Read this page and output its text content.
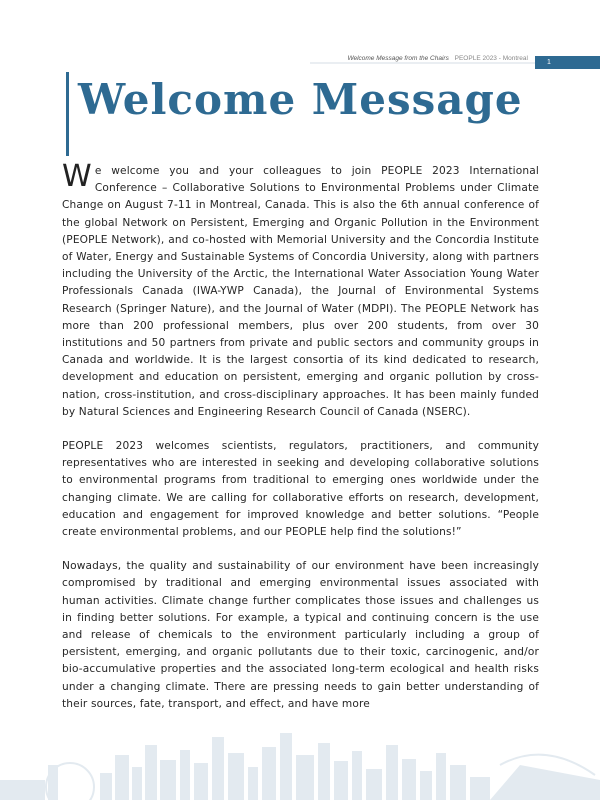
Welcome Message from the Chairs PEOPLE 2023 - Montreal
1
Welcome Message

We welcome you and your colleagues to join PEOPLE 2023 International Conference – Collaborative Solutions to Environmental Problems under Climate Change on August 7-11 in Montreal, Canada. This is also the 6th annual conference of the global Network on Persistent, Emerging and Organic Pollution in the Environment (PEOPLE Network), and co-hosted with Memorial University and the Concordia Institute of Water, Energy and Sustainable Systems of Concordia University, along with partners including the University of the Arctic, the International Water Association Young Water Professionals Canada (IWA-YWP Canada), the Journal of Environmental Systems Research (Springer Nature), and the Journal of Water (MDPI). The PEOPLE Network has more than 200 professional members, plus over 200 students, from over 30 institutions and 50 partners from private and public sectors and community groups in Canada and worldwide. It is the largest consortia of its kind dedicated to research, development and education on persistent, emerging and organic pollution by cross-nation, cross-institution, and cross-disciplinary approaches. It has been mainly funded by Natural Sciences and Engineering Research Council of Canada (NSERC).

PEOPLE 2023 welcomes scientists, regulators, practitioners, and community representatives who are interested in seeking and developing collaborative solutions to environmental programs from traditional to emerging ones worldwide under the changing climate. We are calling for collaborative efforts on research, development, education and engagement for improved knowledge and better solutions. “People create environmental problems, and our PEOPLE help find the solutions!”

Nowadays, the quality and sustainability of our environment have been increasingly compromised by traditional and emerging environmental issues associated with human activities. Climate change further complicates those issues and challenges us in finding better solutions. For example, a typical and continuing concern is the use and release of chemicals to the environment particularly including a group of persistent, emerging, and organic pollutants due to their toxic, carcinogenic, and/or bio-accumulative properties and the associated long-term ecological and health risks under a changing climate. There are pressing needs to gain better understanding of their sources, fate, transport, and effect, and have more
